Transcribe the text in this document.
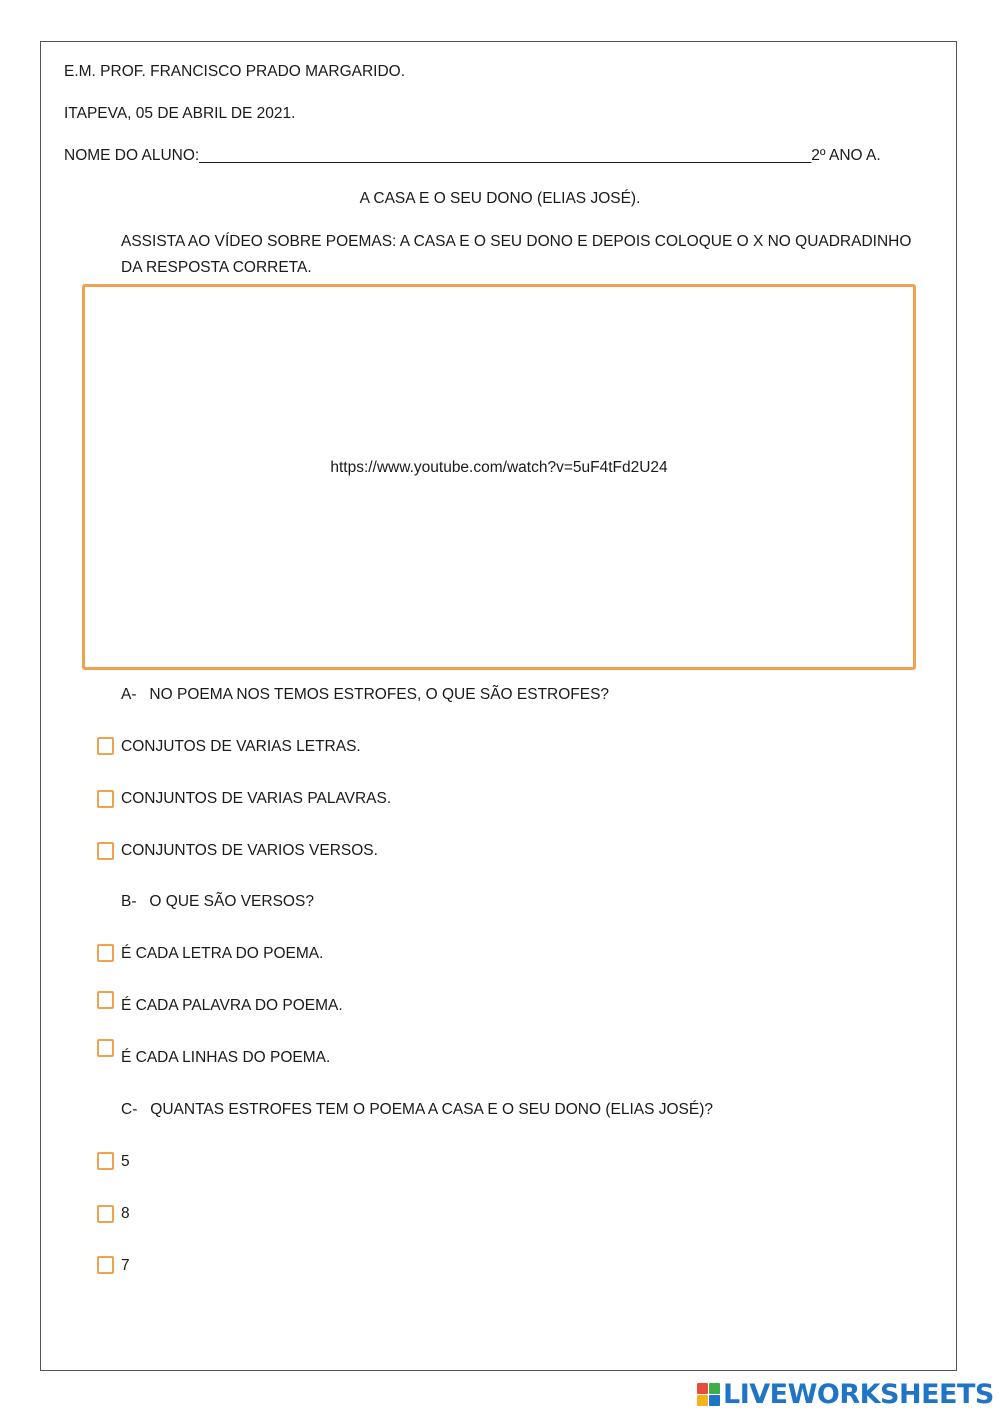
E.M. PROF. FRANCISCO PRADO MARGARIDO.
ITAPEVA, 05 DE ABRIL DE 2021.
NOME DO ALUNO:_______________________________________________________________________2º ANO A.
A CASA E O SEU DONO (ELIAS JOSÉ).
ASSISTA AO VÍDEO SOBRE POEMAS: A CASA E O SEU DONO E DEPOIS COLOQUE O X NO QUADRADINHO DA RESPOSTA CORRETA.
https://www.youtube.com/watch?v=5uF4tFd2U24
A- NO POEMA NOS TEMOS ESTROFES, O QUE SÃO ESTROFES?
CONJUTOS DE VARIAS LETRAS.
CONJUNTOS DE VARIAS PALAVRAS.
CONJUNTOS DE VARIOS VERSOS.
B- O QUE SÃO VERSOS?
É CADA LETRA DO POEMA.
É CADA PALAVRA DO POEMA.
É CADA LINHAS DO POEMA.
C- QUANTAS ESTROFES TEM O POEMA A CASA E O SEU DONO (ELIAS JOSÉ)?
5
8
7
LIVEWORKSHEETS
